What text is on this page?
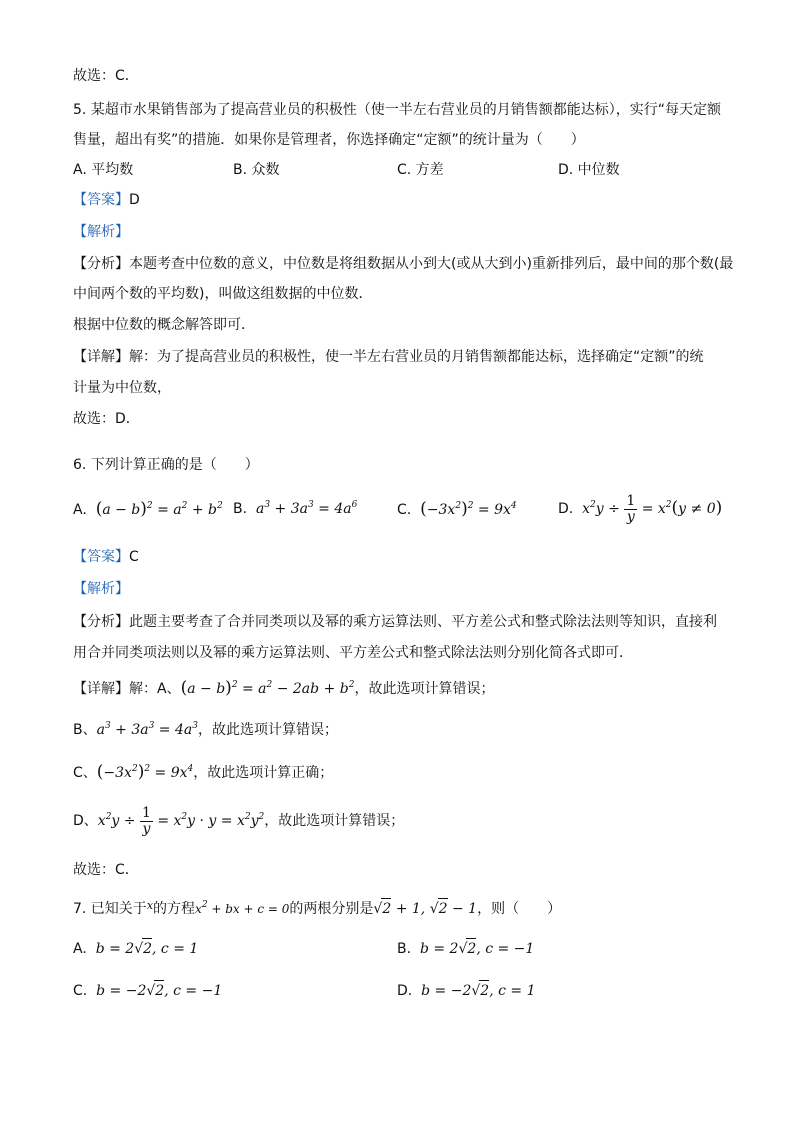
故选：C．
5. 某超市水果销售部为了提高营业员的积极性（使一半左右营业员的月销售额都能达标），实行“每天定额
售量，超出有奖”的措施．如果你是管理者，你选择确定“定额”的统计量为（　　）
A. 平均数	B. 众数	C. 方差	D. 中位数
【答案】D
【解析】
【分析】本题考查中位数的意义，中位数是将组数据从小到大(或从大到小)重新排列后，最中间的那个数(最
中间两个数的平均数)，叫做这组数据的中位数．
根据中位数的概念解答即可．
【详解】解：为了提高营业员的积极性，使一半左右营业员的月销售额都能达标，选择确定“定额”的统
计量为中位数，
故选：D．
6. 下列计算正确的是（　　）
A.  $(a - b)^2 = a^2 + b^2$ B.  $a^3 + 3a^3 = 4a^6$	C.  $(-3x^2)^2 = 9x^4$	D.  $x^2y \div \frac{1}{y} = x^2(y \ne 0)$
【答案】C
【解析】
【分析】此题主要考查了合并同类项以及幂的乘方运算法则、平方差公式和整式除法法则等知识，直接利
用合并同类项法则以及幂的乘方运算法则、平方差公式和整式除法法则分别化简各式即可．
【详解】解：A、$(a - b)^2 = a^2 - 2ab + b^2$，故此选项计算错误；
B、$a^3 + 3a^3 = 4a^3$，故此选项计算错误；
C、$(-3x^2)^2 = 9x^4$，故此选项计算正确；
D、$x^2y \div \frac{1}{y} = x^2y \cdot y = x^2y^2$，故此选项计算错误；
故选：C．
7. 已知关于$^x$的方程$x^2$ + bx + c = 0的两根分别是√2 + 1, √2 − 1，则（　　）
A.  b = 2√2, c = 1	B.  b = 2√2, c = −1
C.  b = −2√2, c = −1	D.  b = −2√2, c = 1
